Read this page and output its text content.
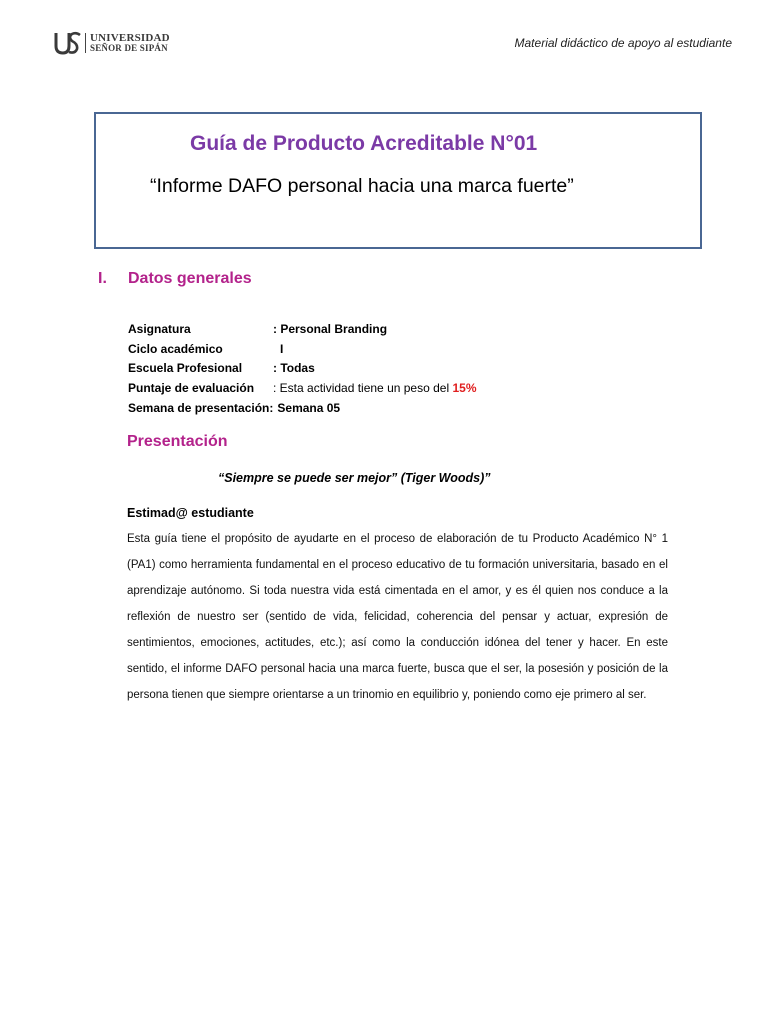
UNIVERSIDAD
SEÑOR DE SIPÁN	Material didáctico de apoyo al estudiante
Guía de Producto Acreditable N°01
“Informe DAFO personal hacia una marca fuerte”
I. Datos generales
Asignatura	: Personal Branding
Ciclo académico	I
Escuela Profesional	: Todas
Puntaje de evaluación	: Esta actividad tiene un peso del
15%
Semana de presentación: Semana 05
Presentación
“Siempre se puede ser mejor” (Tiger Woods)”
Estimad@ estudiante
Esta guía tiene el propósito de ayudarte en el proceso de elaboración de tu Producto Académico N° 1 (PA1) como herramienta fundamental en el proceso educativo de tu formación universitaria, basado en el aprendizaje autónomo. Si toda nuestra vida está cimentada en el amor, y es él quien nos conduce a la reflexión de nuestro ser (sentido de vida, felicidad, coherencia del pensar y actuar, expresión de sentimientos, emociones, actitudes, etc.); así como la conducción idónea del tener y hacer. En este sentido, el informe DAFO personal hacia una marca fuerte, busca que el ser, la posesión y posición de la persona tienen que siempre orientarse a un trinomio en equilibrio y, poniendo como eje primero al ser.
